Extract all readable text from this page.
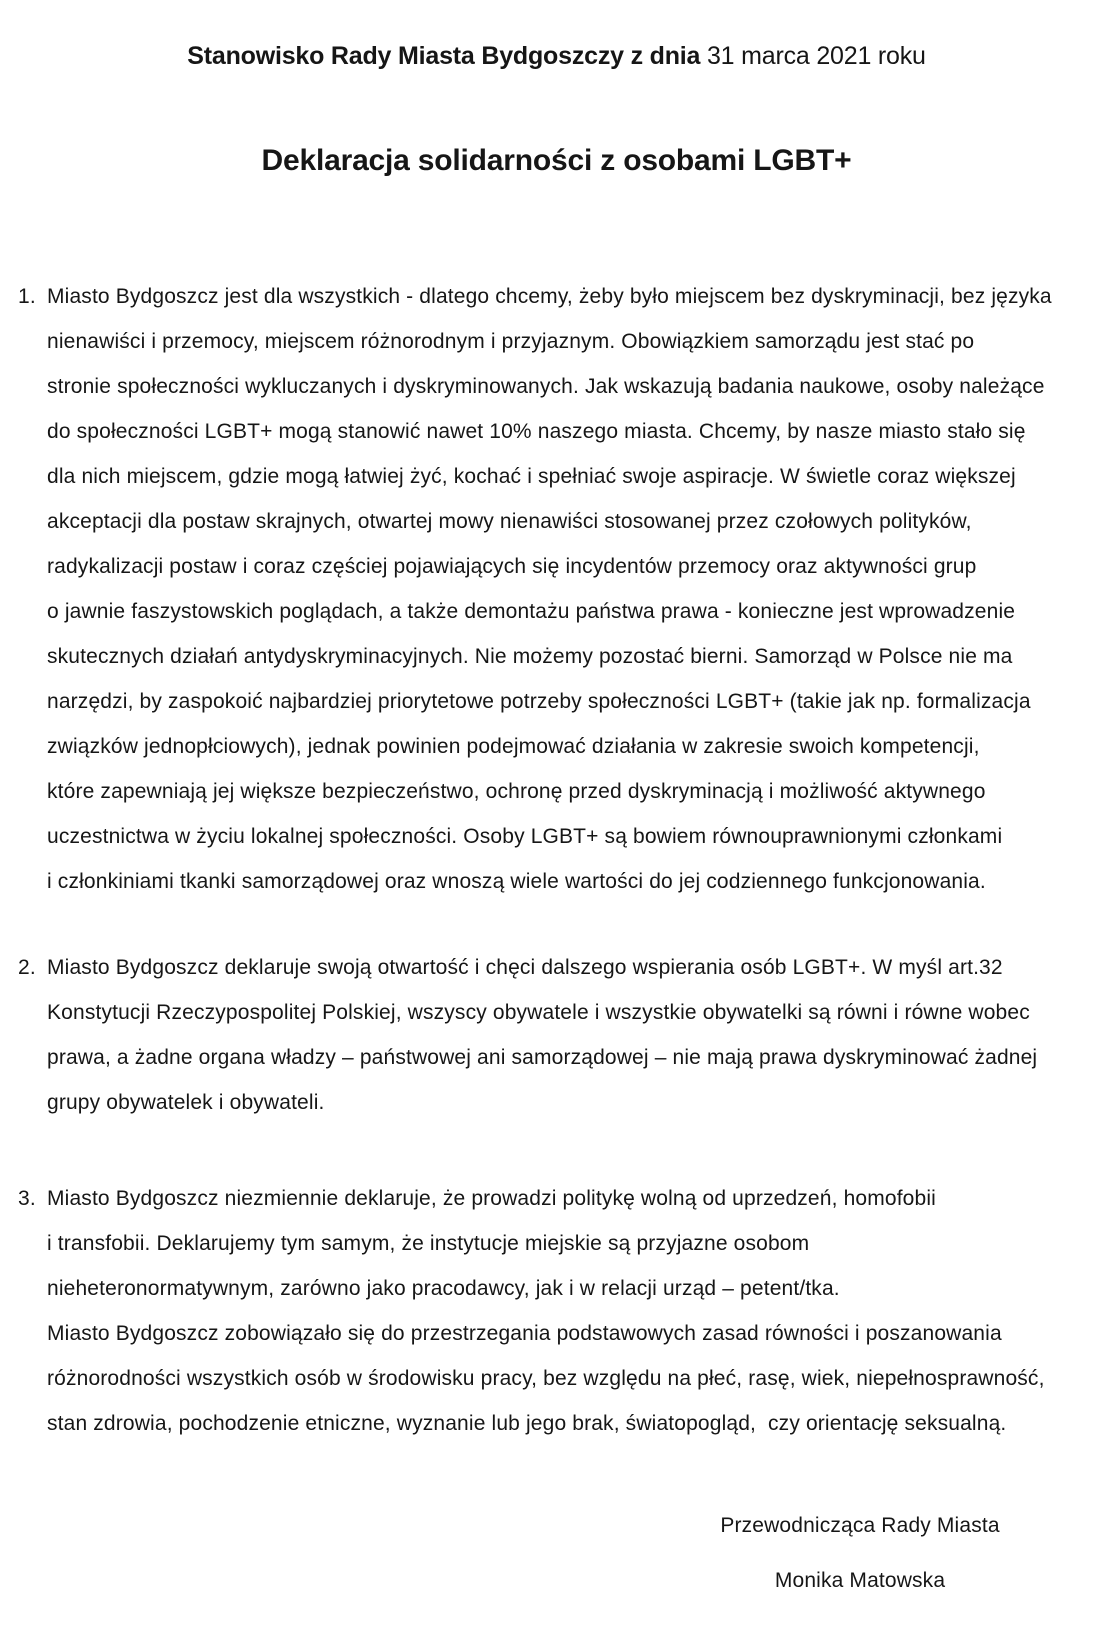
Stanowisko Rady Miasta Bydgoszczy z dnia 31 marca 2021 roku
Deklaracja solidarności z osobami LGBT+
1. Miasto Bydgoszcz jest dla wszystkich - dlatego chcemy, żeby było miejscem bez dyskryminacji, bez języka
nienawiści i przemocy, miejscem różnorodnym i przyjaznym. Obowiązkiem samorządu jest stać po
stronie społeczności wykluczanych i dyskryminowanych. Jak wskazują badania naukowe, osoby należące
do społeczności LGBT+ mogą stanowić nawet 10% naszego miasta. Chcemy, by nasze miasto stało się
dla nich miejscem, gdzie mogą łatwiej żyć, kochać i spełniać swoje aspiracje. W świetle coraz większej
akceptacji dla postaw skrajnych, otwartej mowy nienawiści stosowanej przez czołowych polityków,
radykalizacji postaw i coraz częściej pojawiających się incydentów przemocy oraz aktywności grup
o jawnie faszystowskich poglądach, a także demontażu państwa prawa - konieczne jest wprowadzenie
skutecznych działań antydyskryminacyjnych. Nie możemy pozostać bierni. Samorząd w Polsce nie ma
narzędzi, by zaspokoić najbardziej priorytetowe potrzeby społeczności LGBT+ (takie jak np. formalizacja
związków jednopłciowych), jednak powinien podejmować działania w zakresie swoich kompetencji,
które zapewniają jej większe bezpieczeństwo, ochronę przed dyskryminacją i możliwość aktywnego
uczestnictwa w życiu lokalnej społeczności. Osoby LGBT+ są bowiem równouprawnionymi członkami
i członkiniami tkanki samorządowej oraz wnoszą wiele wartości do jej codziennego funkcjonowania.
2. Miasto Bydgoszcz deklaruje swoją otwartość i chęci dalszego wspierania osób LGBT+. W myśl art.32
Konstytucji Rzeczypospolitej Polskiej, wszyscy obywatele i wszystkie obywatelki są równi i równe wobec
prawa, a żadne organa władzy – państwowej ani samorządowej – nie mają prawa dyskryminować żadnej
grupy obywatelek i obywateli.
3. Miasto Bydgoszcz niezmiennie deklaruje, że prowadzi politykę wolną od uprzedzeń, homofobii
i transfobii. Deklarujemy tym samym, że instytucje miejskie są przyjazne osobom
nieheteronormatywnym, zarówno jako pracodawcy, jak i w relacji urząd – petent/tka.
Miasto Bydgoszcz zobowiązało się do przestrzegania podstawowych zasad równości i poszanowania
różnorodności wszystkich osób w środowisku pracy, bez względu na płeć, rasę, wiek, niepełnosprawność,
stan zdrowia, pochodzenie etniczne, wyznanie lub jego brak, światopogląd,  czy orientację seksualną.
Przewodnicząca Rady Miasta
Monika Matowska
